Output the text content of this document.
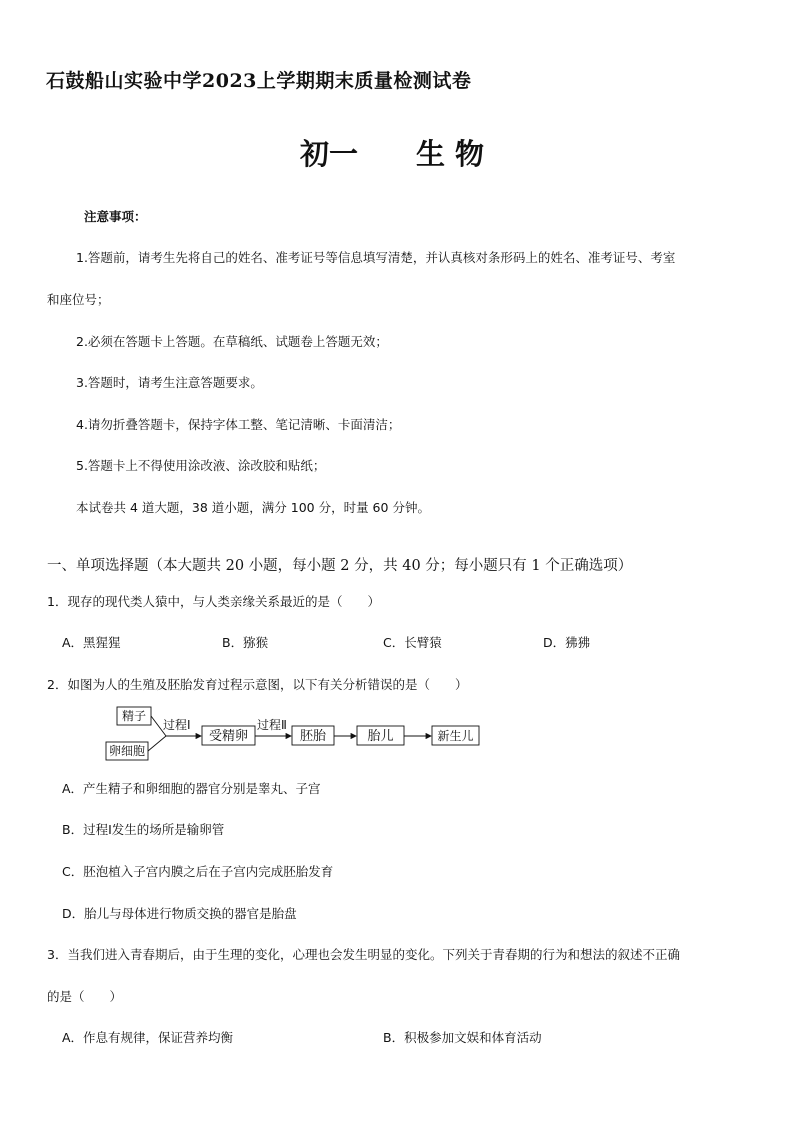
石鼓船山实验中学2023上学期期末质量检测试卷
初一 生 物
注意事项：
1.答题前，请考生先将自己的姓名、准考证号等信息填写清楚，并认真核对条形码上的姓名、准考证号、考室
和座位号；
2.必须在答题卡上答题。在草稿纸、试题卷上答题无效；
3.答题时，请考生注意答题要求。
4.请勿折叠答题卡，保持字体工整、笔记清晰、卡面清洁；
5.答题卡上不得使用涂改液、涂改胶和贴纸；
本试卷共 4 道大题，38 道小题，满分 100 分，时量 60 分钟。
一、单项选择题（本大题共 20 小题，每小题 2 分，共 40 分；每小题只有 1 个正确选项）
1．现存的现代类人猿中，与人类亲缘关系最近的是（　　）
A．黑猩猩	B．猕猴	C．长臂猿	D．狒狒
2．如图为人的生殖及胚胎发育过程示意图，以下有关分析错误的是（　　）
精子
卵细胞
过程Ⅰ
受精卵
过程Ⅱ
胚胎	胎儿	新生儿
A．产生精子和卵细胞的器官分别是睾丸、子宫
B．过程Ⅰ发生的场所是输卵管
C．胚泡植入子宫内膜之后在子宫内完成胚胎发育
D．胎儿与母体进行物质交换的器官是胎盘
3．当我们进入青春期后，由于生理的变化，心理也会发生明显的变化。下列关于青春期的行为和想法的叙述不正确
的是（　　）
A．作息有规律，保证营养均衡	B．积极参加文娱和体育活动
